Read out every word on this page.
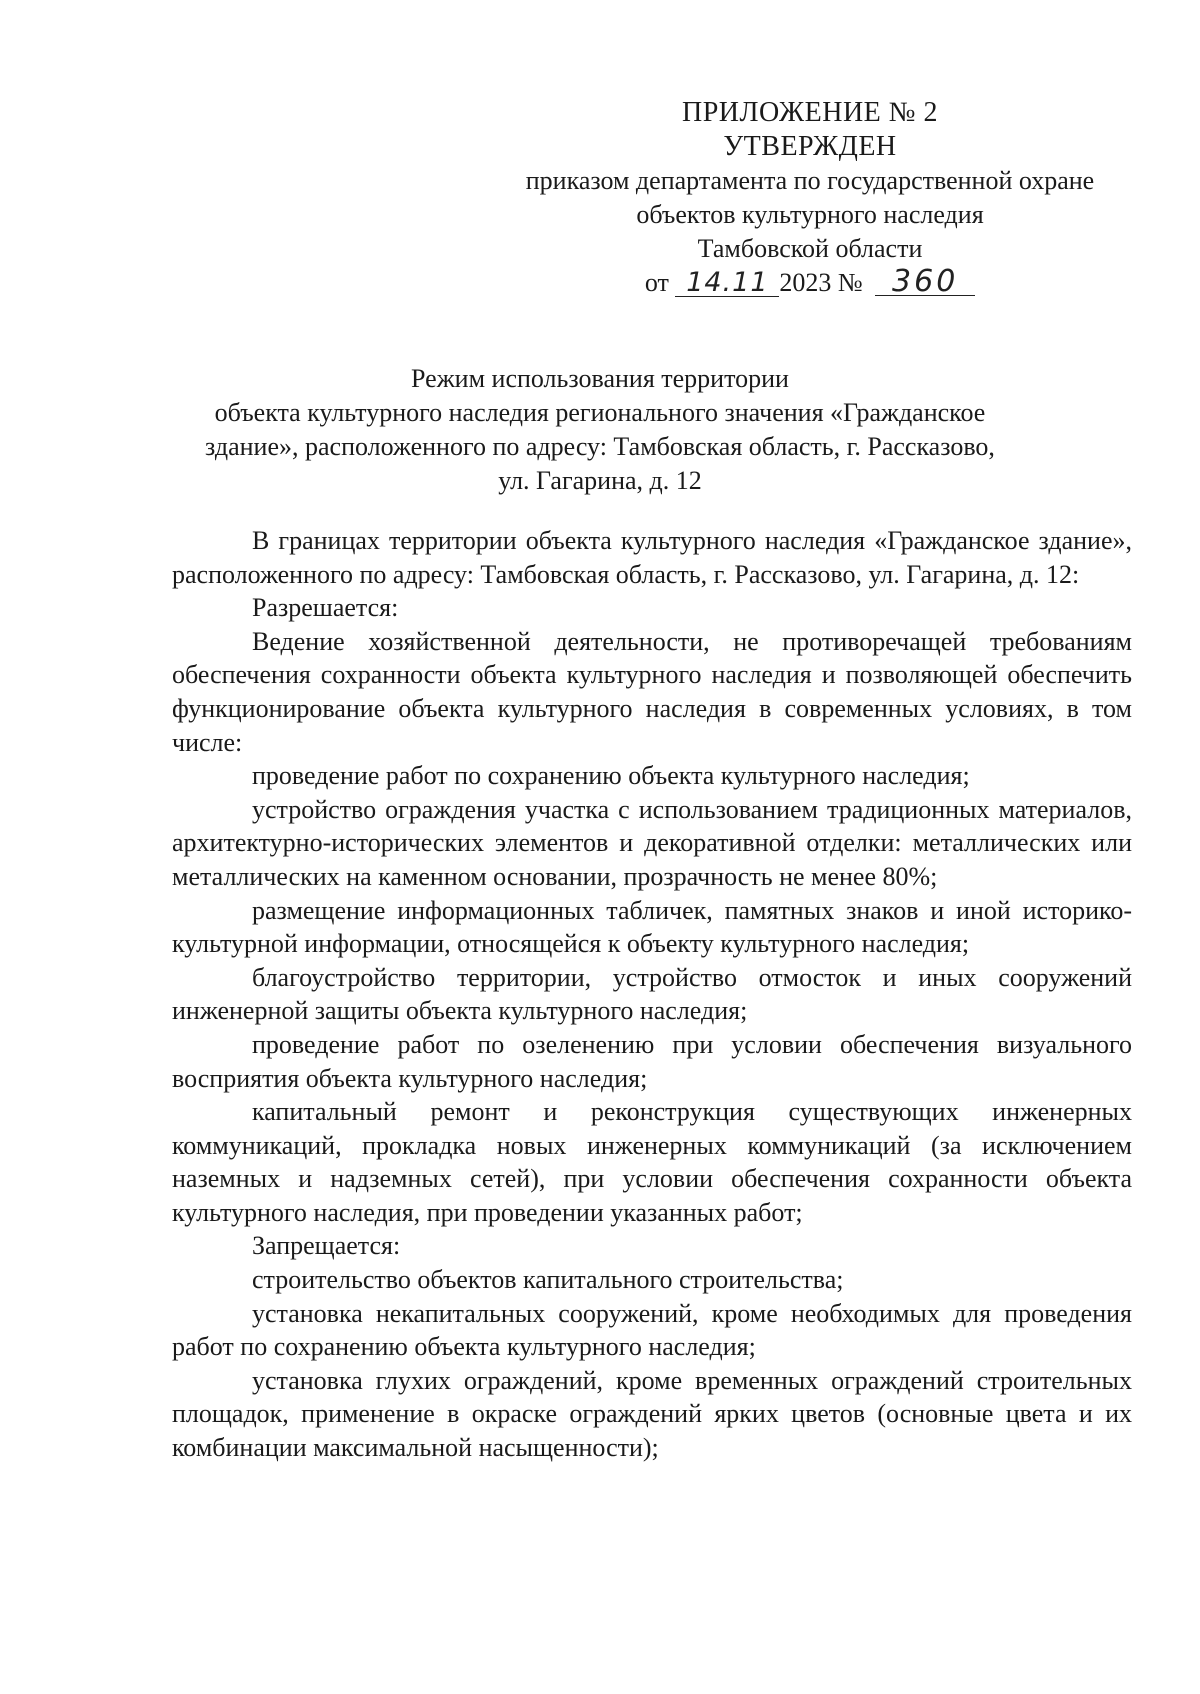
ПРИЛОЖЕНИЕ № 2
УТВЕРЖДЕН
приказом департамента по государственной охране
объектов культурного наследия
Тамбовской области
от 14.11 2023 № 360
Режим использования территории
объекта культурного наследия регионального значения «Гражданское
здание», расположенного по адресу: Тамбовская область, г. Рассказово,
ул. Гагарина, д. 12

В границах территории объекта культурного наследия «Гражданское здание», расположенного по адресу: Тамбовская область, г. Рассказово, ул. Гагарина, д. 12:

Разрешается:

Ведение хозяйственной деятельности, не противоречащей требованиям обеспечения сохранности объекта культурного наследия и позволяющей обеспечить функционирование объекта культурного наследия в современных условиях, в том числе:

проведение работ по сохранению объекта культурного наследия;

устройство ограждения участка с использованием традиционных материалов, архитектурно-исторических элементов и декоративной отделки: металлических или металлических на каменном основании, прозрачность не менее 80%;

размещение информационных табличек, памятных знаков и иной историко-культурной информации, относящейся к объекту культурного наследия;

благоустройство территории, устройство отмосток и иных сооружений инженерной защиты объекта культурного наследия;

проведение работ по озеленению при условии обеспечения визуального восприятия объекта культурного наследия;

капитальный ремонт и реконструкция существующих инженерных коммуникаций, прокладка новых инженерных коммуникаций (за исключением наземных и надземных сетей), при условии обеспечения сохранности объекта культурного наследия, при проведении указанных работ;

Запрещается:

строительство объектов капитального строительства;

установка некапитальных сооружений, кроме необходимых для проведения работ по сохранению объекта культурного наследия;

установка глухих ограждений, кроме временных ограждений строительных площадок, применение в окраске ограждений ярких цветов (основные цвета и их комбинации максимальной насыщенности);
